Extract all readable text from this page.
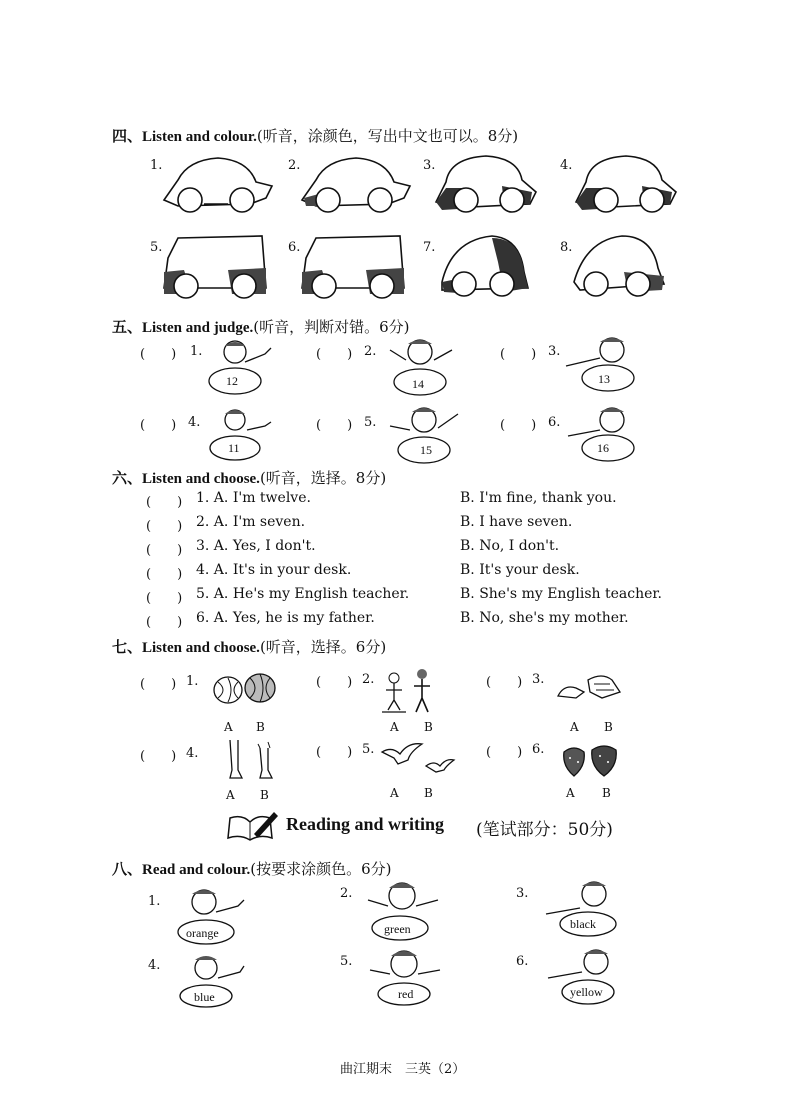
四、Listen and colour.(听音，涂颜色，写出中文也可以。8分)
1.	2.	3.	4.
5.	6.	7.	8.
五、Listen and judge.(听音，判断对错。6分)
(　　) 1.	(　　) 2.	(　　) 3.
(　　) 4.	(　　) 5.	(　　) 6.
12	14	13
11	15	16
六、Listen and choose.(听音，选择。8分)
(　　) 1. A. I'm twelve.	B. I'm fine, thank you.
(　　) 2. A. I'm seven.	B. I have seven.
(　　) 3. A. Yes, I don't.	B. No, I don't.
(　　) 4. A. It's in your desk.	B. It's your desk.
(　　) 5. A. He's my English teacher.	B. She's my English teacher.
(　　) 6. A. Yes, he is my father.	B. No, she's my mother.
七、Listen and choose.(听音，选择。6分)
(　　) 1.
A B
(　　) 2.
A B
(　　) 3.
A B
(　　) 4.
A B
(　　) 5.
A B
(　　) 6.
A B
Reading and writing (笔试部分：50分)
八、Read and colour.(按要求涂颜色。6分)
1.
orange
2.
green
3.
black
4.
blue
5.
red
6.
yellow
曲江期末　三英（2）
